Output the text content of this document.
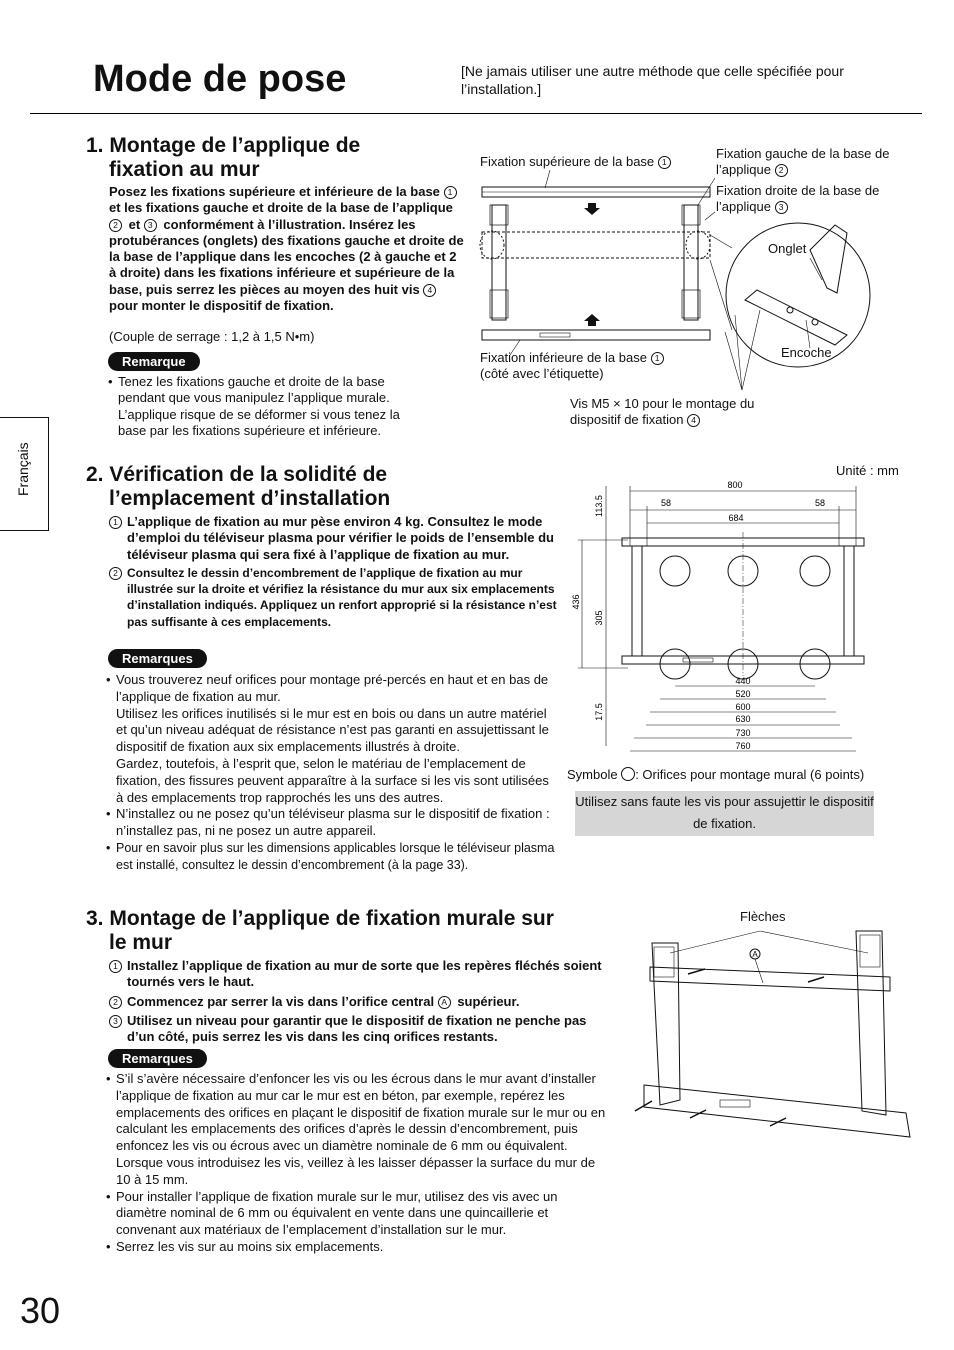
Mode de pose	[Ne jamais utiliser une autre méthode que celle spécifiée pour l’installation.]
Français
1. Montage de l’applique de
fixation au mur
Posez les fixations supérieure et inférieure de la base 1 et les fixations gauche et droite de la base de l’applique 2 et 3 conformément à l’illustration. Insérez les protubérances (onglets) des fixations gauche et droite de la base de l’applique dans les encoches (2 à gauche et 2 à droite) dans les fixations inférieure et supérieure de la base, puis serrez les pièces au moyen des huit vis 4 pour monter le dispositif de fixation.
(Couple de serrage : 1,2 à 1,5 N•m)
Remarque
• Tenez les fixations gauche et droite de la base
pendant que vous manipulez l’applique murale.
L’applique risque de se déformer si vous tenez la
base par les fixations supérieure et inférieure.
Fixation supérieure de la base 1
Fixation gauche de la base de l’applique 2
Fixation droite de la base de l’applique 3
Onglet
Encoche
Fixation inférieure de la base 1
(côté avec l’étiquette)
Vis M5 × 10 pour le montage du
dispositif de fixation 4
2. Vérification de la solidité de
l’emplacement d’installation
1 L’applique de fixation au mur pèse environ 4 kg. Consultez le mode d’emploi du téléviseur plasma pour vérifier le poids de l’ensemble du téléviseur plasma qui sera fixé à l’applique de fixation au mur.
2 Consultez le dessin d’encombrement de l’applique de fixation au mur illustrée sur la droite et vérifiez la résistance du mur aux six emplacements d’installation indiqués. Appliquez un renfort approprié si la résistance n’est pas suffisante à ces emplacements.
Remarques
• Vous trouverez neuf orifices pour montage pré-percés en haut et en bas de l’applique de fixation au mur.
Utilisez les orifices inutilisés si le mur est en bois ou dans un autre matériel et qu’un niveau adéquat de résistance n’est pas garanti en assujettissant le dispositif de fixation aux six emplacements illustrés à droite.
Gardez, toutefois, à l’esprit que, selon le matériau de l’emplacement de fixation, des fissures peuvent apparaître à la surface si les vis sont utilisées à des emplacements trop rapprochés les uns des autres.
• N’installez ou ne posez qu’un téléviseur plasma sur le dispositif de fixation : n’installez pas, ni ne posez un autre appareil.
• Pour en savoir plus sur les dimensions applicables lorsque le téléviseur plasma est installé, consultez le dessin d’encombrement (à la page 33).
Unité : mm
800
58	58
684
113.5
436
305
17.5
440
520
600
630
730
760
Symbole : Orifices pour montage mural (6 points)
Utilisez sans faute les vis pour assujettir le dispositif de fixation.
3. Montage de l’applique de fixation murale sur
le mur
1 Installez l’applique de fixation au mur de sorte que les repères fléchés soient tournés vers le haut.
2 Commencez par serrer la vis dans l’orifice central A supérieur.
3 Utilisez un niveau pour garantir que le dispositif de fixation ne penche pas d’un côté, puis serrez les vis dans les cinq orifices restants.
Remarques
• S’il s’avère nécessaire d’enfoncer les vis ou les écrous dans le mur avant d’installer l’applique de fixation au mur car le mur est en béton, par exemple, repérez les emplacements des orifices en plaçant le dispositif de fixation murale sur le mur ou en calculant les emplacements des orifices d’après le dessin d’encombrement, puis enfoncez les vis ou écrous avec un diamètre nominale de 6 mm ou équivalent.
Lorsque vous introduisez les vis, veillez à les laisser dépasser la surface du mur de 10 à 15 mm.
• Pour installer l’applique de fixation murale sur le mur, utilisez des vis avec un diamètre nominal de 6 mm ou équivalent en vente dans une quincaillerie et convenant aux matériaux de l’emplacement d’installation sur le mur.
• Serrez les vis sur au moins six emplacements.
Flèches
A
30
